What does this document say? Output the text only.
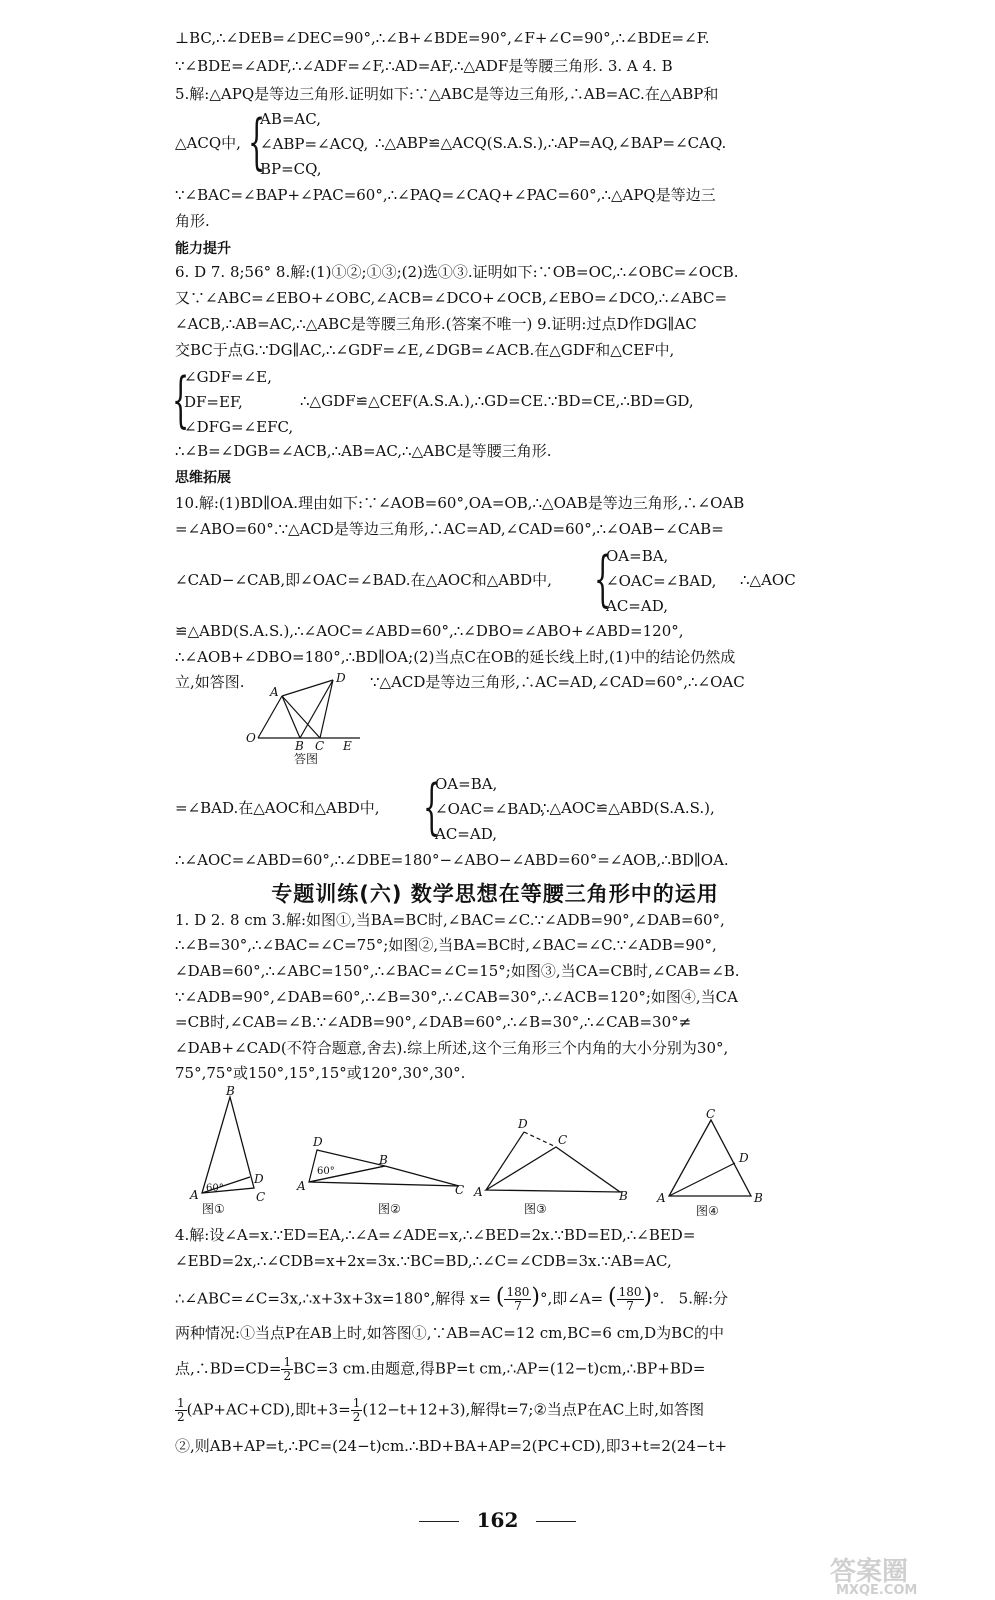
⊥BC,∴∠DEB=∠DEC=90°,∴∠B+∠BDE=90°,∠F+∠C=90°,∴∠BDE=∠F.
∵∠BDE=∠ADF,∴∠ADF=∠F,∴AD=AF,∴△ADF是等腰三角形. 3. A 4. B
5.解:△APQ是等边三角形.证明如下:∵△ABC是等边三角形,∴AB=AC.在△ABP和
△ACQ中, {
AB=AC,
∠ABP=∠ACQ,
BP=CQ,
∴△ABP≌△ACQ(S.A.S.),∴AP=AQ,∠BAP=∠CAQ.
∵∠BAC=∠BAP+∠PAC=60°,∴∠PAQ=∠CAQ+∠PAC=60°,∴△APQ是等边三
角形.
能力提升
6. D 7. 8;56° 8.解:(1)①②;①③;(2)选①③.证明如下:∵OB=OC,∴∠OBC=∠OCB.
又∵∠ABC=∠EBO+∠OBC,∠ACB=∠DCO+∠OCB,∠EBO=∠DCO,∴∠ABC=
∠ACB,∴AB=AC,∴△ABC是等腰三角形.(答案不唯一) 9.证明:过点D作DG∥AC
交BC于点G.∵DG∥AC,∴∠GDF=∠E,∠DGB=∠ACB.在△GDF和△CEF中,
{
∠GDF=∠E,
DF=EF,
∠DFG=∠EFC,
∴△GDF≌△CEF(A.S.A.),∴GD=CE.∵BD=CE,∴BD=GD,
∴∠B=∠DGB=∠ACB,∴AB=AC,∴△ABC是等腰三角形.
思维拓展
10.解:(1)BD∥OA.理由如下:∵∠AOB=60°,OA=OB,∴△OAB是等边三角形,∴∠OAB
=∠ABO=60°.∵△ACD是等边三角形,∴AC=AD,∠CAD=60°,∴∠OAB−∠CAB=
∠CAD−∠CAB,即∠OAC=∠BAD.在△AOC和△ABD中, {
OA=BA,
∠OAC=∠BAD,
AC=AD,
∴△AOC
≌△ABD(S.A.S.),∴∠AOC=∠ABD=60°,∴∠DBO=∠ABO+∠ABD=120°,
∴∠AOB+∠DBO=180°,∴BD∥OA;(2)当点C在OB的延长线上时,(1)中的结论仍然成
立,如答图.	∵△ACD是等边三角形,∴AC=AD,∠CAD=60°,∴∠OAC
A
D
O
B C E
答图
=∠BAD.在△AOC和△ABD中, {
OA=BA,
∠OAC=∠BAD,
AC=AD,
∴△AOC≌△ABD(S.A.S.),
∴∠AOC=∠ABD=60°,∴∠DBE=180°−∠ABO−∠ABD=60°=∠AOB,∴BD∥OA.
专题训练(六) 数学思想在等腰三角形中的运用
1. D 2. 8 cm 3.解:如图①,当BA=BC时,∠BAC=∠C.∵∠ADB=90°,∠DAB=60°,
∴∠B=30°,∴∠BAC=∠C=75°;如图②,当BA=BC时,∠BAC=∠C.∵∠ADB=90°,
∠DAB=60°,∴∠ABC=150°,∴∠BAC=∠C=15°;如图③,当CA=CB时,∠CAB=∠B.
∵∠ADB=90°,∠DAB=60°,∴∠B=30°,∴∠CAB=30°,∴∠ACB=120°;如图④,当CA
=CB时,∠CAB=∠B.∵∠ADB=90°,∠DAB=60°,∴∠B=30°,∴∠CAB=30°≠
∠DAB+∠CAD(不符合题意,舍去).综上所述,这个三角形三个内角的大小分别为30°,
75°,75°或150°,15°,15°或120°,30°,30°.
B
A	C
D
60°
图①
D
B
A	C
60°
图②
D
C
A	B
图③
C
D
A	B
图④
4.解:设∠A=x.∵ED=EA,∴∠A=∠ADE=x,∴∠BED=2x.∵BD=ED,∴∠BED=
∠EBD=2x,∴∠CDB=x+2x=3x.∵BC=BD,∴∠C=∠CDB=3x.∵AB=AC,
∴∠ABC=∠C=3x,∴x+3x+3x=180°,解得 x= ( $\frac{180}{7}$ )°,即∠A= ( $\frac{180}{7}$ )°.   5.解:分
两种情况:①当点P在AB上时,如答图①,∵AB=AC=12 cm,BC=6 cm,D为BC的中
点,∴BD=CD= $\frac{1}{2} BC=3$ cm.由题意,得BP=t cm,∴AP=(12−t)cm,∴BP+BD=
$\frac{1}{2} (AP+AC+CD)$,即$t+3= \frac{1}{2} (12-t+12+3)$,解得t=7;②当点P在AC上时,如答图
②,则AB+AP=t,∴PC=(24−t)cm.∴BD+BA+AP=2(PC+CD),即3+t=2(24−t+
162
答案圈
MXQE.COM
